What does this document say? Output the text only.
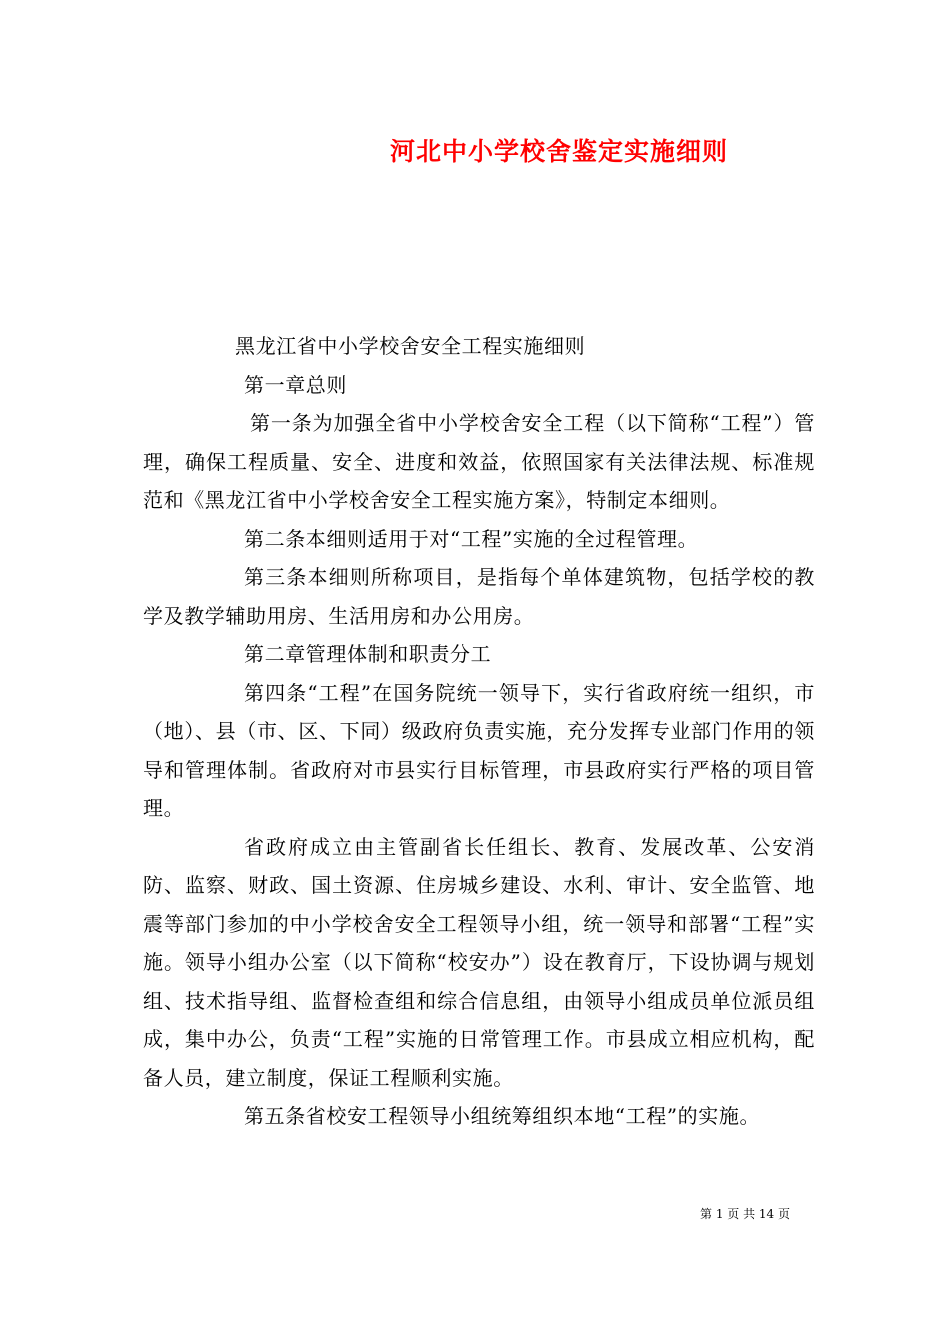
河北中小学校舍鉴定实施细则

黑龙江省中小学校舍安全工程实施细则

第一章总则

第一条为加强全省中小学校舍安全工程（以下简称“工程”）管理，确保工程质量、安全、进度和效益，依照国家有关法律法规、标准规范和《黑龙江省中小学校舍安全工程实施方案》，特制定本细则。

第二条本细则适用于对“工程”实施的全过程管理。

第三条本细则所称项目，是指每个单体建筑物，包括学校的教学及教学辅助用房、生活用房和办公用房。

第二章管理体制和职责分工

第四条“工程”在国务院统一领导下，实行省政府统一组织，市（地）、县（市、区、下同）级政府负责实施，充分发挥专业部门作用的领导和管理体制。省政府对市县实行目标管理，市县政府实行严格的项目管理。

省政府成立由主管副省长任组长、教育、发展改革、公安消防、监察、财政、国土资源、住房城乡建设、水利、审计、安全监管、地震等部门参加的中小学校舍安全工程领导小组，统一领导和部署“工程”实施。领导小组办公室（以下简称“校安办”）设在教育厅，下设协调与规划组、技术指导组、监督检查组和综合信息组，由领导小组成员单位派员组成，集中办公，负责“工程”实施的日常管理工作。市县成立相应机构，配备人员，建立制度，保证工程顺利实施。

第五条省校安工程领导小组统筹组织本地“工程”的实施。

第 1 页 共 14 页
